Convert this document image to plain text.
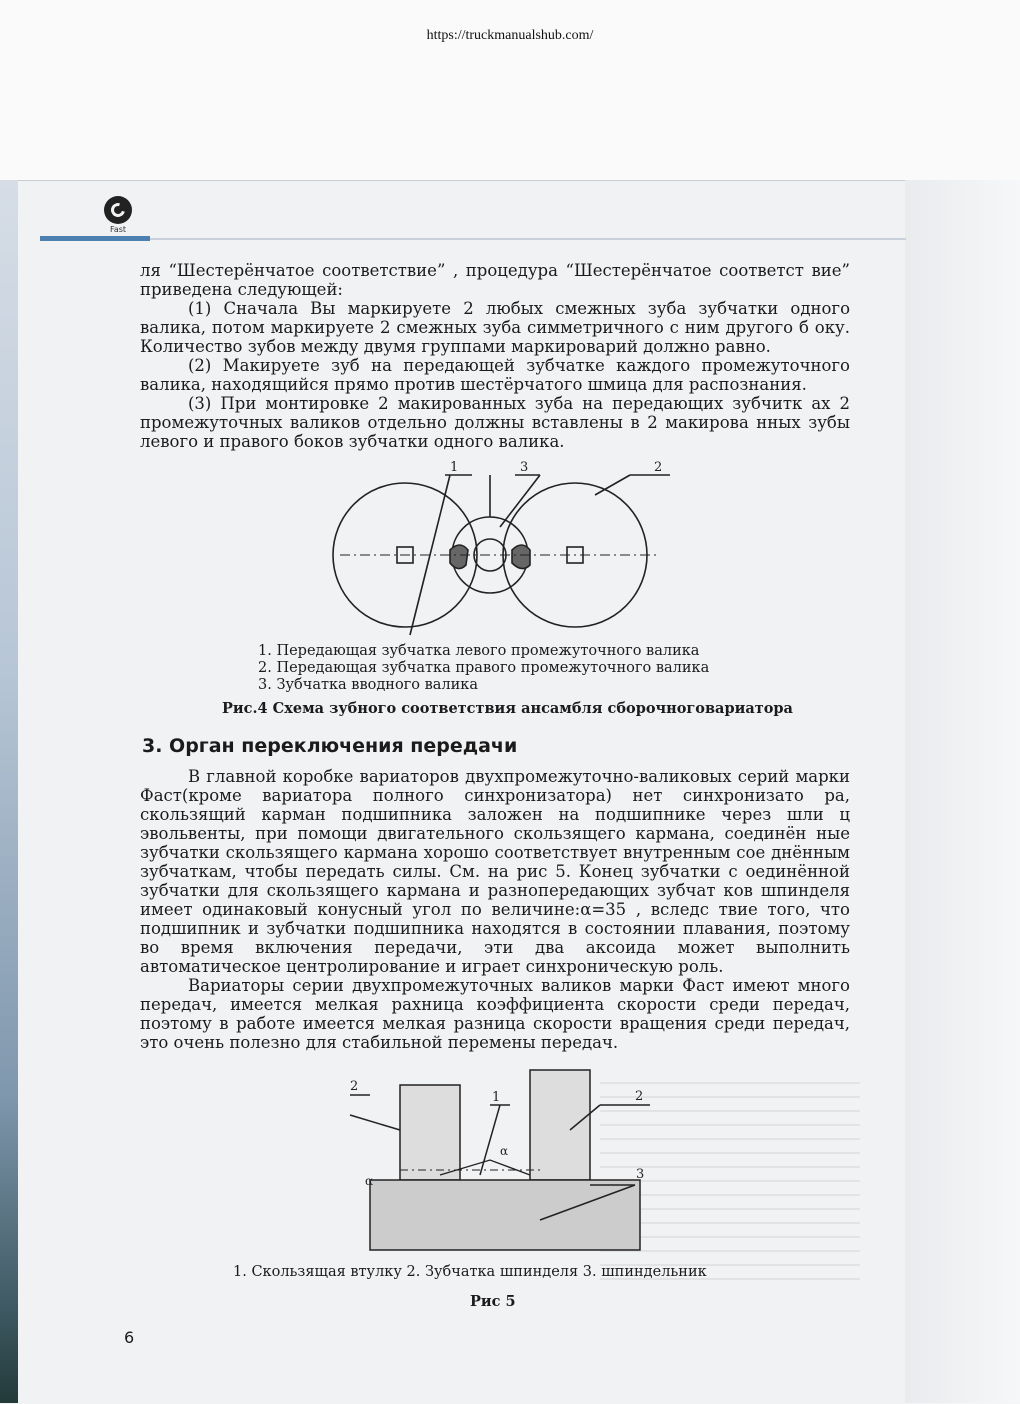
https://truckmanualshub.com/
Fast

ля “Шестерёнчатое соответствие” , процедура “Шестерёнчатое соответст вие” приведена следующей:

(1) Сначала Вы маркируете 2 любых смежных зуба зубчатки одного валика, потом маркируете 2 смежных зуба симметричного с ним другого б оку. Количество зубов между двумя группами маркироварий должно равно.

(2) Макируете зуб на передающей зубчатке каждого промежуточного валика, находящийся прямо против шестёрчатого шмица для распознания.

(3) При монтировке 2 макированных зуба на передающих зубчитк ах 2 промежуточных валиков отдельно должны вставлены в 2 макирова нных зубы левого и правого боков зубчатки одного валика.

1	3	2
1. Передающая зубчатка левого промежуточного валика
2. Передающая зубчатка правого промежуточного валика
3. Зубчатка вводного валика
Рис.4 Схема зубного соответствия ансамбля сборочноговариатора
3. Орган переключения передачи

В главной коробке вариаторов двухпромежуточно-валиковых серий марки Фаст(кроме вариатора полного синхронизатора) нет синхронизато ра, скользящий карман подшипника заложен на подшипнике через шли ц эвольвенты, при помощи двигательного скользящего кармана, соединён ные зубчатки скользящего кармана хорошо соответствует внутренным сое днённым зубчаткам, чтобы передать силы. См. на рис 5. Конец зубчатки с оединённой зубчатки для скользящего кармана и разнопередающих зубчат ков шпинделя имеет одинаковый конусный угол по величине:α=35 , вследс твие того, что подшипник и зубчатки подшипника находятся в состоянии плавания, поэтому во время включения передачи, эти два аксоида может выполнить автоматическое центролирование и играет синхроническую роль.

Вариаторы серии двухпромежуточных валиков марки Фаст имеют много передач, имеется мелкая рахница коэффициента скорости среди передач, поэтому в работе имеется мелкая разница скорости вращения среди передач, это очень полезно для стабильной перемены передач.

2
1	2
3
α
α
1. Скользящая втулку 2. Зубчатка шпинделя 3. шпиндельник
Рис 5
6
